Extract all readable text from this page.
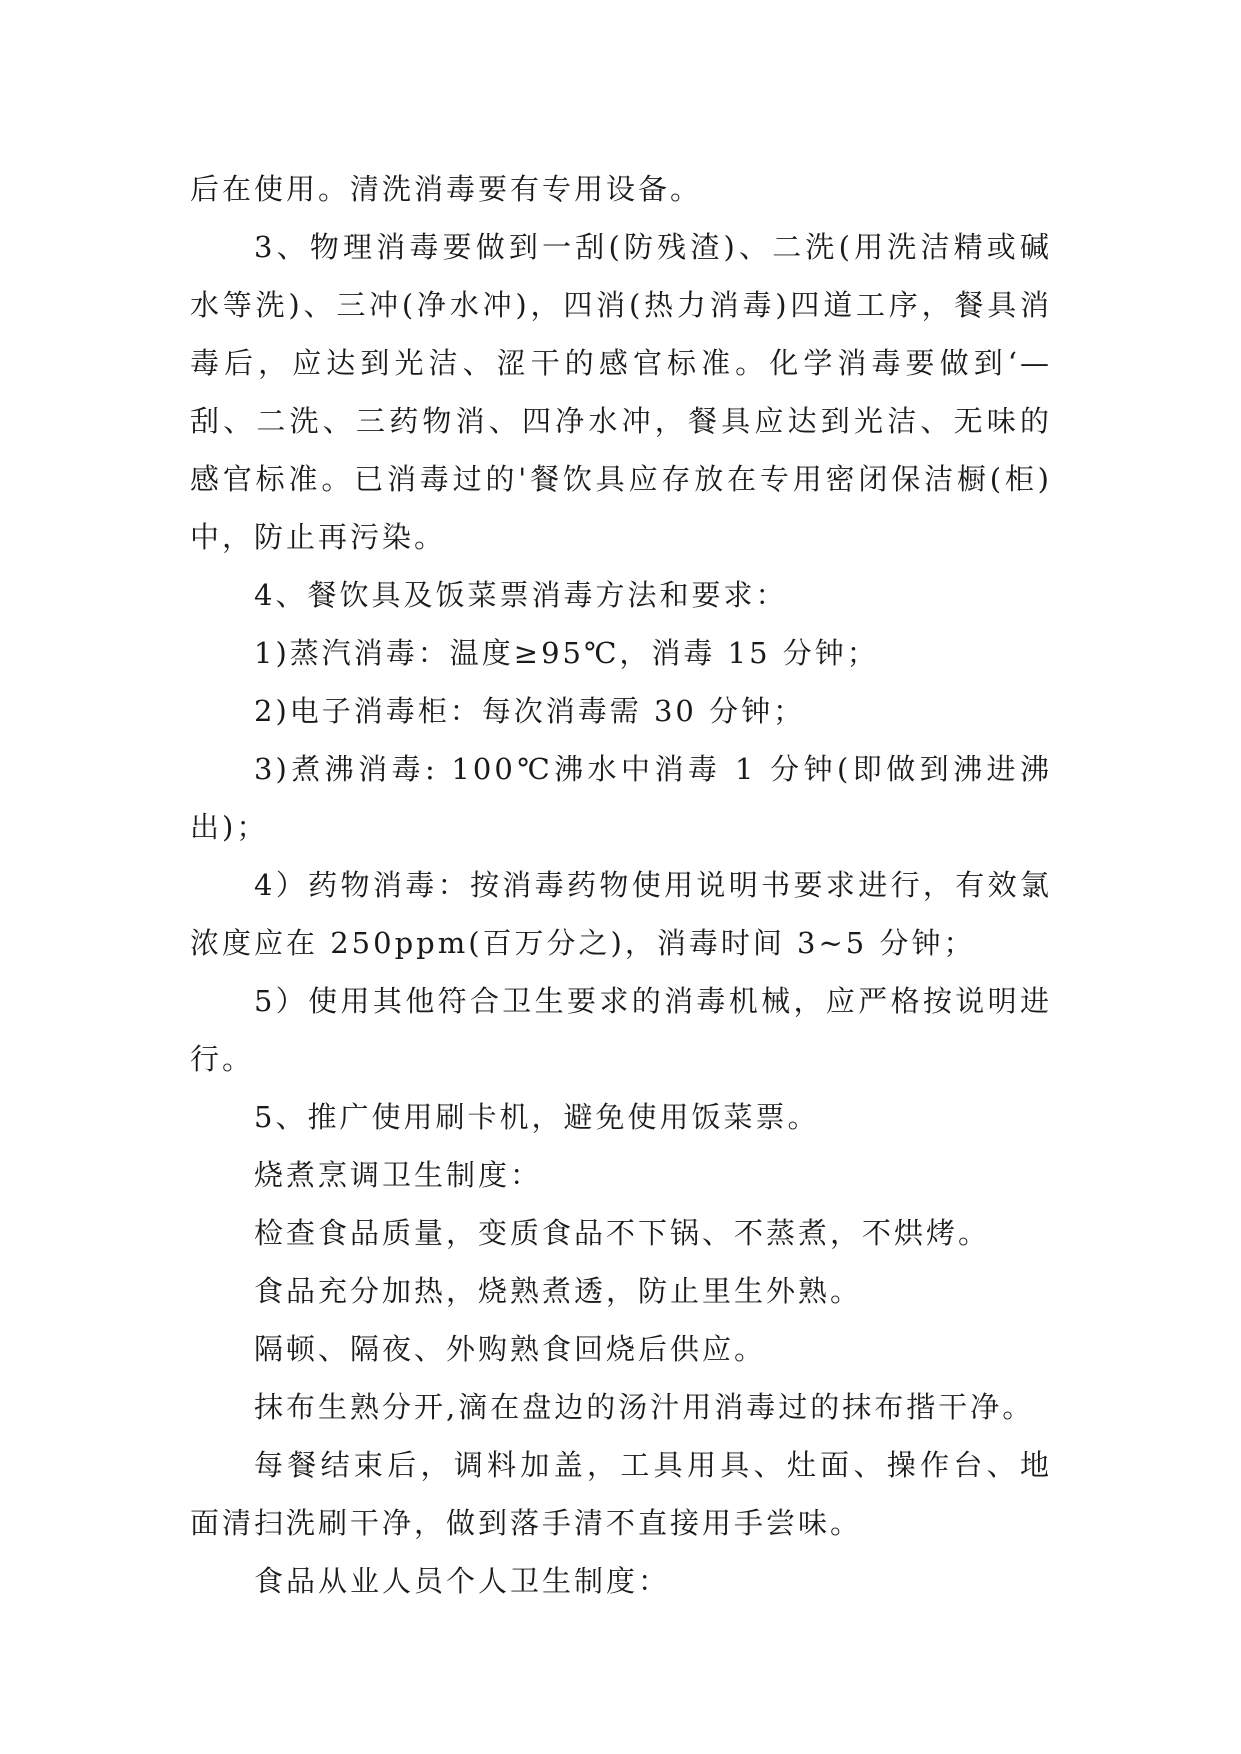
后在使用。清洗消毒要有专用设备。

3、物理消毒要做到一刮(防残渣)、二洗(用洗洁精或碱水等洗)、三冲(净水冲)，四消(热力消毒)四道工序，餐具消毒后，应达到光洁、涩干的感官标准。化学消毒要做到‘—刮、二洗、三药物消、四净水冲，餐具应达到光洁、无味的感官标准。已消毒过的'餐饮具应存放在专用密闭保洁橱(柜)中，防止再污染。

4、餐饮具及饭菜票消毒方法和要求：

1)蒸汽消毒：温度≥95℃，消毒 15 分钟；

2)电子消毒柜：每次消毒需 30 分钟；

3)煮沸消毒: 100℃沸水中消毒 1 分钟(即做到沸进沸出)；

4）药物消毒：按消毒药物使用说明书要求进行，有效氯浓度应在 250ppm(百万分之)，消毒时间 3~5 分钟；

5）使用其他符合卫生要求的消毒机械，应严格按说明进行。

5、推广使用刷卡机，避免使用饭菜票。

烧煮烹调卫生制度：

检查食品质量，变质食品不下锅、不蒸煮，不烘烤。

食品充分加热，烧熟煮透，防止里生外熟。

隔顿、隔夜、外购熟食回烧后供应。

抹布生熟分开,滴在盘边的汤汁用消毒过的抹布揩干净。

每餐结束后，调料加盖，工具用具、灶面、操作台、地面清扫洗刷干净，做到落手清不直接用手尝味。

食品从业人员个人卫生制度：
